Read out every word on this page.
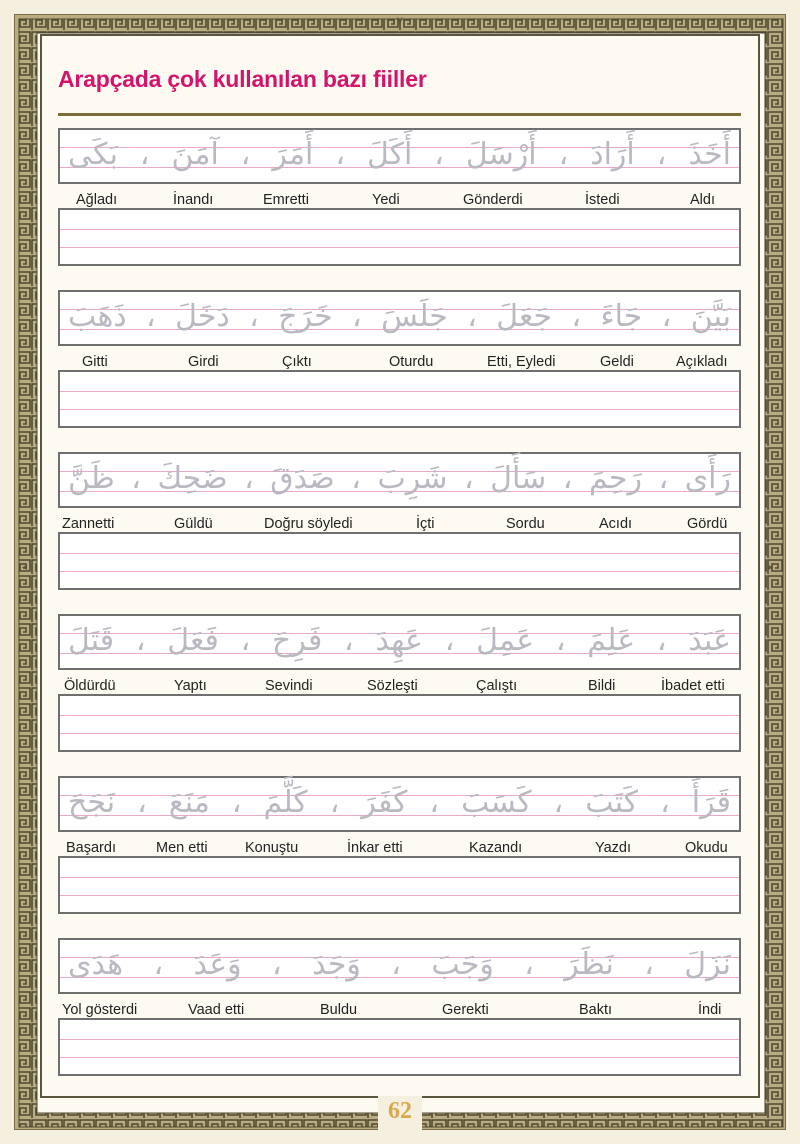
٧
◂	▸
Arapçada çok kullanılan bazı fiiller
أَخَذَ ، أَرَادَ ، أَرْسَلَ ، أَكَلَ ، أَمَرَ ، آمَنَ ، بَكَى
Ağladı	İnandı	Emretti	Yedi	Gönderdi	İstedi	Aldı
بَيَّنَ ، جَاءَ ، جَعَلَ ، جَلَسَ ، خَرَجَ ، دَخَلَ ، ذَهَبَ
Gitti	Girdi	Çıktı	Oturdu	Etti, Eyledi	Geldi	Açıkladı
رَأَى ، رَحِمَ ، سَأَلَ ، شَرِبَ ، صَدَقَ ، ضَحِكَ ، ظَنَّ
Zannetti	Güldü	Doğru söyledi	İçti	Sordu	Acıdı	Gördü
عَبَدَ ، عَلِمَ ، عَمِلَ ، عَهِدَ ، فَرِحَ ، فَعَلَ ، قَتَلَ
Öldürdü	Yaptı	Sevindi	Sözleşti	Çalıştı	Bildi	İbadet etti
قَرَأَ ، كَتَبَ ، كَسَبَ ، كَفَرَ ، كَلَّمَ ، مَنَعَ ، نَجَحَ
Başardı	Men etti	Konuştu	İnkar etti	Kazandı	Yazdı	Okudu
نَزَلَ ، نَظَرَ ، وَجَبَ ، وَجَدَ ، وَعَدَ ، هَدَى
Yol gösterdi	Vaad etti	Buldu	Gerekti	Baktı	İndi
62
